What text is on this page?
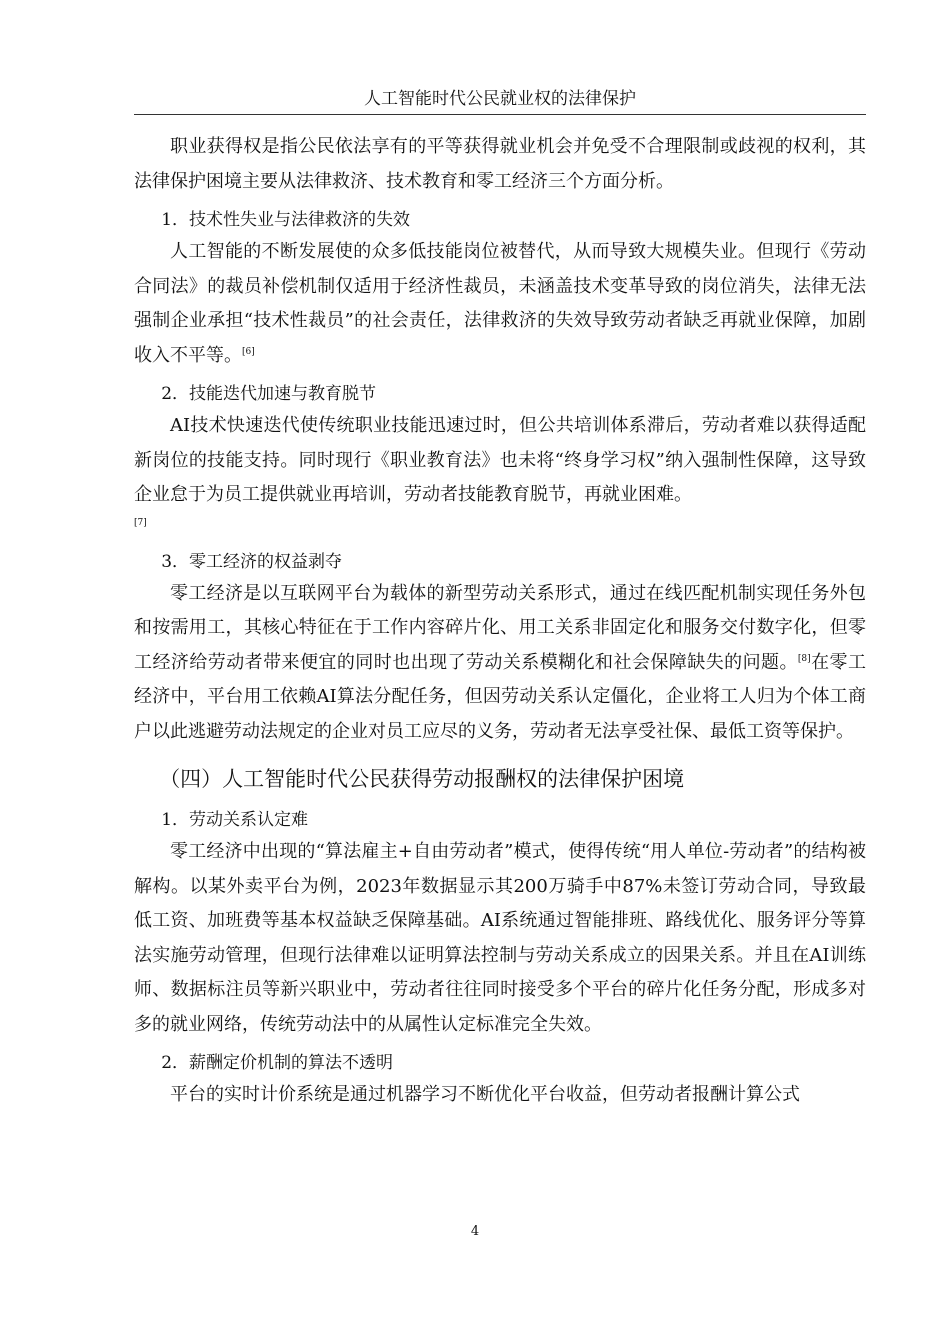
人工智能时代公民就业权的法律保护

职业获得权是指公民依法享有的平等获得就业机会并免受不合理限制或歧视的权利，其法律保护困境主要从法律救济、技术教育和零工经济三个方面分析。

1．技术性失业与法律救济的失效

人工智能的不断发展使的众多低技能岗位被替代，从而导致大规模失业。但现行《劳动合同法》的裁员补偿机制仅适用于经济性裁员，未涵盖技术变革导致的岗位消失，法律无法强制企业承担“技术性裁员”的社会责任，法律救济的失效导致劳动者缺乏再就业保障，加剧收入不平等。[6]

2．技能迭代加速与教育脱节

AI技术快速迭代使传统职业技能迅速过时，但公共培训体系滞后，劳动者难以获得适配新岗位的技能支持。同时现行《职业教育法》也未将“终身学习权”纳入强制性保障，这导致企业怠于为员工提供就业再培训，劳动者技能教育脱节，再就业困难。

[7]

3．零工经济的权益剥夺

零工经济是以互联网平台为载体的新型劳动关系形式，通过在线匹配机制实现任务外包和按需用工，其核心特征在于工作内容碎片化、用工关系非固定化和服务交付数字化，但零工经济给劳动者带来便宜的同时也出现了劳动关系模糊化和社会保障缺失的问题。[8]在零工经济中，平台用工依赖AI算法分配任务，但因劳动关系认定僵化，企业将工人归为个体工商户以此逃避劳动法规定的企业对员工应尽的义务，劳动者无法享受社保、最低工资等保护。

（四）人工智能时代公民获得劳动报酬权的法律保护困境
1．劳动关系认定难

零工经济中出现的“算法雇主+自由劳动者”模式，使得传统“用人单位-劳动者”的结构被解构。以某外卖平台为例，2023年数据显示其200万骑手中87%未签订劳动合同，导致最低工资、加班费等基本权益缺乏保障基础。AI系统通过智能排班、路线优化、服务评分等算法实施劳动管理，但现行法律难以证明算法控制与劳动关系成立的因果关系。并且在AI训练师、数据标注员等新兴职业中，劳动者往往同时接受多个平台的碎片化任务分配，形成多对多的就业网络，传统劳动法中的从属性认定标准完全失效。

2．薪酬定价机制的算法不透明

平台的实时计价系统是通过机器学习不断优化平台收益，但劳动者报酬计算公式

4
